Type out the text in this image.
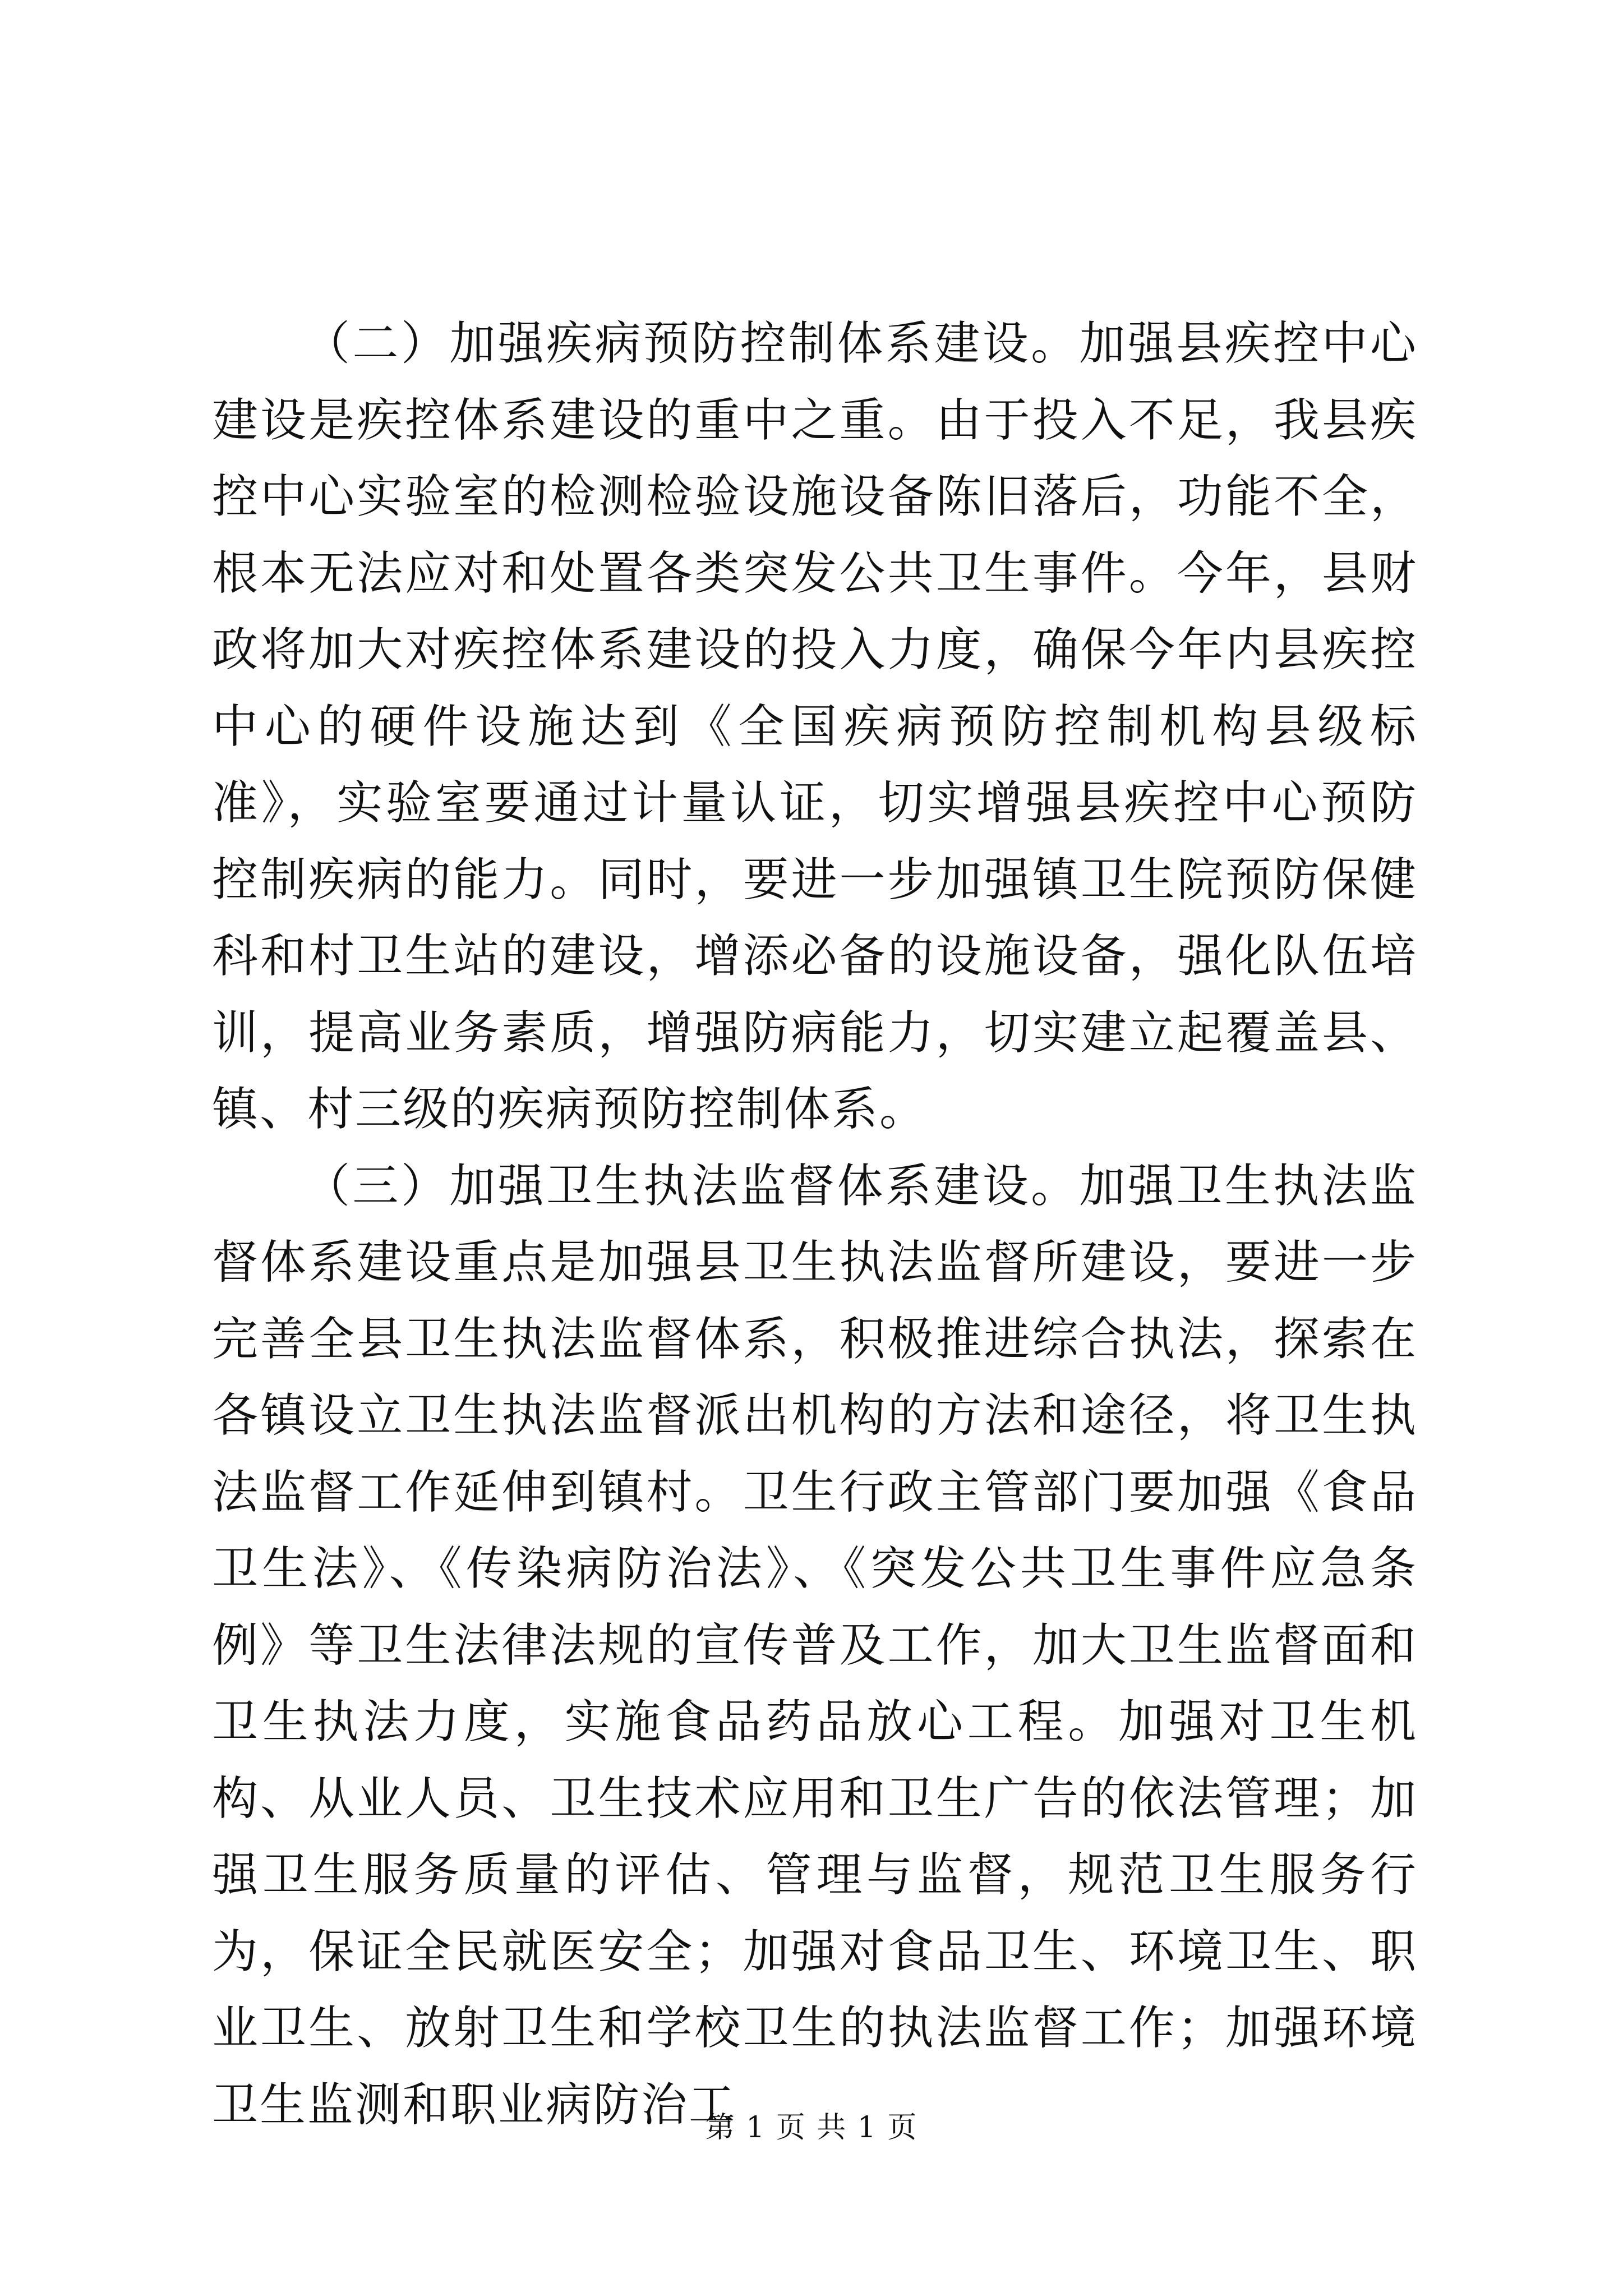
（二）加强疾病预防控制体系建设。加强县疾控中心建设是疾控体系建设的重中之重。由于投入不足，我县疾控中心实验室的检测检验设施设备陈旧落后，功能不全，根本无法应对和处置各类突发公共卫生事件。今年，县财政将加大对疾控体系建设的投入力度，确保今年内县疾控中心的硬件设施达到《全国疾病预防控制机构县级标准》，实验室要通过计量认证，切实增强县疾控中心预防控制疾病的能力。同时，要进一步加强镇卫生院预防保健科和村卫生站的建设，增添必备的设施设备，强化队伍培训，提高业务素质，增强防病能力，切实建立起覆盖县、镇、村三级的疾病预防控制体系。

（三）加强卫生执法监督体系建设。加强卫生执法监督体系建设重点是加强县卫生执法监督所建设，要进一步完善全县卫生执法监督体系，积极推进综合执法，探索在各镇设立卫生执法监督派出机构的方法和途径，将卫生执法监督工作延伸到镇村。卫生行政主管部门要加强《食品卫生法》、《传染病防治法》、《突发公共卫生事件应急条例》等卫生法律法规的宣传普及工作，加大卫生监督面和卫生执法力度，实施食品药品放心工程。加强对卫生机构、从业人员、卫生技术应用和卫生广告的依法管理；加强卫生服务质量的评估、管理与监督，规范卫生服务行为，保证全民就医安全；加强对食品卫生、环境卫生、职业卫生、放射卫生和学校卫生的执法监督工作；加强环境卫生监测和职业病防治工

第 1 页 共 1 页
